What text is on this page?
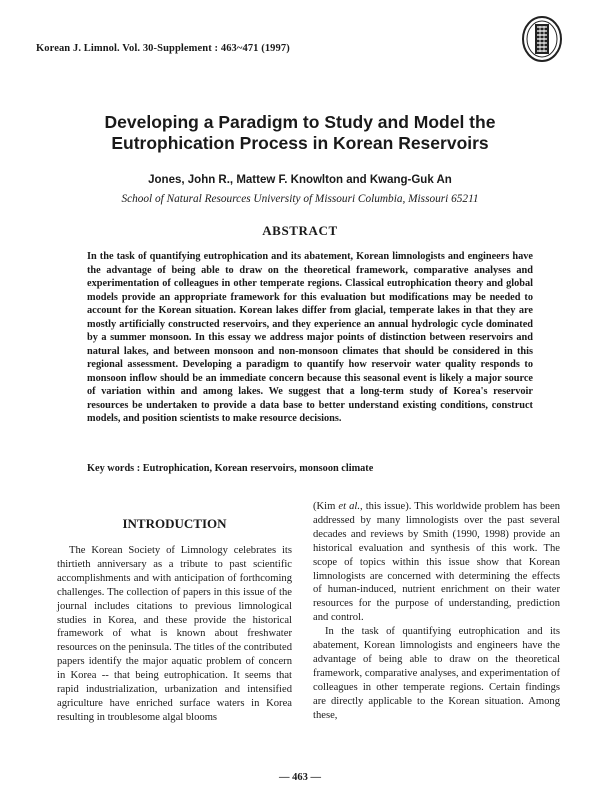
Korean J. Limnol. Vol. 30-Supplement : 463~471 (1997)
Developing a Paradigm to Study and Model the
Eutrophication Process in Korean Reservoirs
Jones, John R., Mattew F. Knowlton and Kwang-Guk An
School of Natural Resources University of Missouri Columbia, Missouri 65211
ABSTRACT
In the task of quantifying eutrophication and its abatement, Korean limnologists and engineers have the advantage of being able to draw on the theoretical framework, comparative analyses and experimentation of colleagues in other temperate regions. Classical eutrophication theory and global models provide an appropriate framework for this evaluation but modifications may be needed to account for the Korean situation. Korean lakes differ from glacial, temperate lakes in that they are mostly artificially constructed reservoirs, and they experience an annual hydrologic cycle dominated by a summer monsoon. In this essay we address major points of distinction between reservoirs and natural lakes, and between monsoon and non-monsoon climates that should be considered in this regional assessment. Developing a paradigm to quantify how reservoir water quality responds to monsoon inflow should be an immediate concern because this seasonal event is likely a major source of variation within and among lakes. We suggest that a long-term study of Korea's reservoir resources be undertaken to provide a data base to better understand existing conditions, construct models, and position scientists to make resource decisions.
Key words : Eutrophication, Korean reservoirs, monsoon climate
INTRODUCTION

The Korean Society of Limnology celebrates its thirtieth anniversary as a tribute to past scientific accomplishments and with anticipation of forthcoming challenges. The collection of papers in this issue of the journal includes citations to previous limnological studies in Korea, and these provide the historical framework of what is known about freshwater resources on the peninsula. The titles of the contributed papers identify the major aquatic problem of concern in Korea -- that being eutrophication. It seems that rapid industrialization, urbanization and intensified agriculture have enriched surface waters in Korea resulting in troublesome algal blooms

(Kim et al., this issue). This worldwide problem has been addressed by many limnologists over the past several decades and reviews by Smith (1990, 1998) provide an historical evaluation and synthesis of this work. The scope of topics within this issue show that Korean limnologists are concerned with determining the effects of human-induced, nutrient enrichment on their water resources for the purpose of understanding, prediction and control.

In the task of quantifying eutrophication and its abatement, Korean limnologists and engineers have the advantage of being able to draw on the theoretical framework, comparative analyses, and experimentation of colleagues in other temperate regions. Certain findings are directly applicable to the Korean situation. Among these,

— 463 —
